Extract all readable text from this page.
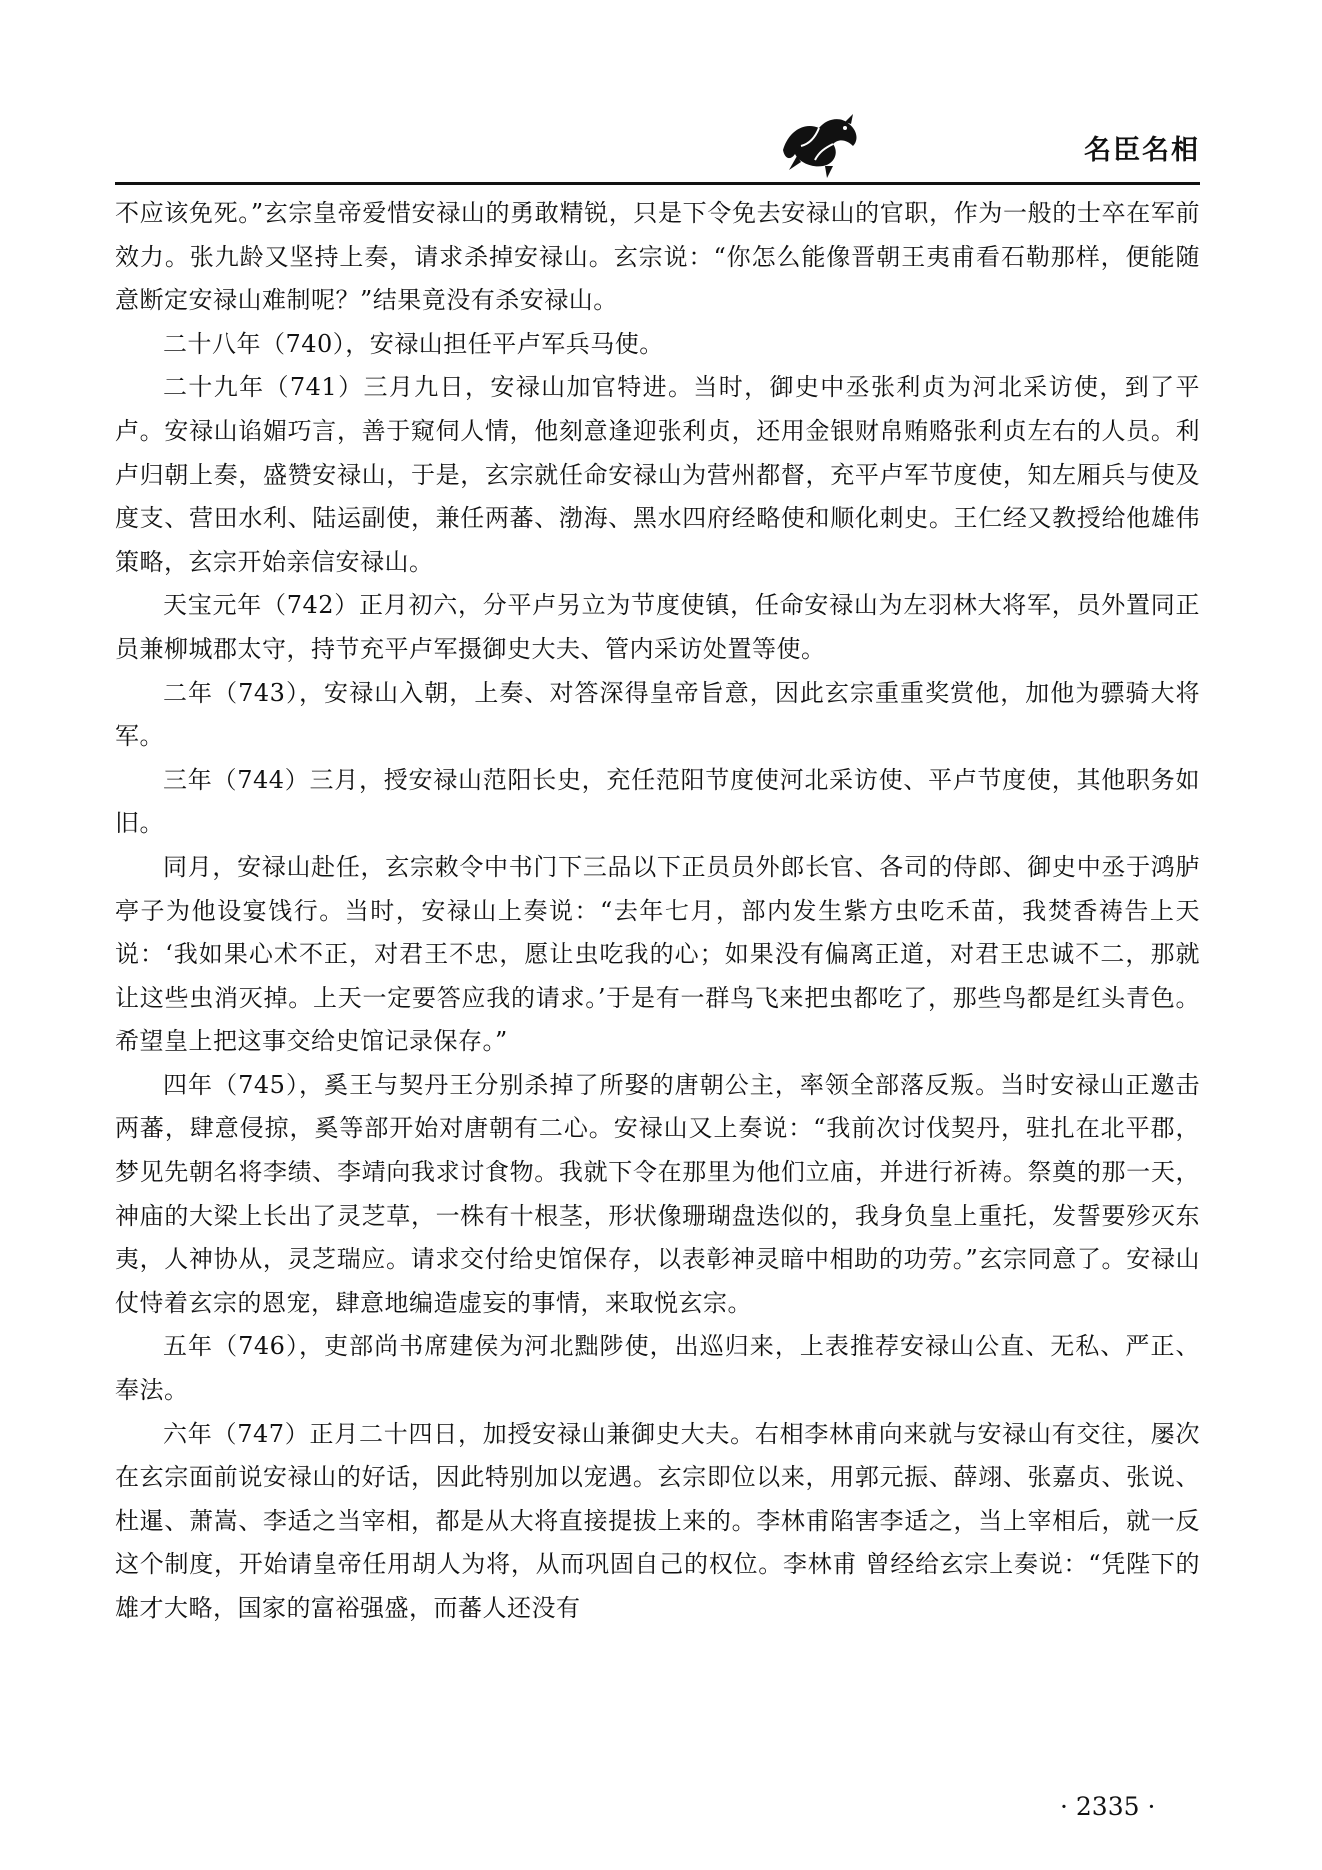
名臣名相

不应该免死。”玄宗皇帝爱惜安禄山的勇敢精锐，只是下令免去安禄山的官职，作为一般的士卒在军前效力。张九龄又坚持上奏，请求杀掉安禄山。玄宗说：“你怎么能像晋朝王夷甫看石勒那样，便能随意断定安禄山难制呢？”结果竟没有杀安禄山。

二十八年（740），安禄山担任平卢军兵马使。

二十九年（741）三月九日，安禄山加官特进。当时，御史中丞张利贞为河北采访使，到了平卢。安禄山谄媚巧言，善于窥伺人情，他刻意逢迎张利贞，还用金银财帛贿赂张利贞左右的人员。利卢归朝上奏，盛赞安禄山，于是，玄宗就任命安禄山为营州都督，充平卢军节度使，知左厢兵与使及度支、营田水利、陆运副使，兼任两蕃、渤海、黑水四府经略使和顺化刺史。王仁经又教授给他雄伟策略，玄宗开始亲信安禄山。

天宝元年（742）正月初六，分平卢另立为节度使镇，任命安禄山为左羽林大将军，员外置同正员兼柳城郡太守，持节充平卢军摄御史大夫、管内采访处置等使。

二年（743），安禄山入朝，上奏、对答深得皇帝旨意，因此玄宗重重奖赏他，加他为骠骑大将军。

三年（744）三月，授安禄山范阳长史，充任范阳节度使河北采访使、平卢节度使，其他职务如旧。

同月，安禄山赴任，玄宗敕令中书门下三品以下正员员外郎长官、各司的侍郎、御史中丞于鸿胪亭子为他设宴饯行。当时，安禄山上奏说：“去年七月，部内发生紫方虫吃禾苗，我焚香祷告上天说：‘我如果心术不正，对君王不忠，愿让虫吃我的心；如果没有偏离正道，对君王忠诚不二，那就让这些虫消灭掉。上天一定要答应我的请求。’于是有一群鸟飞来把虫都吃了，那些鸟都是红头青色。希望皇上把这事交给史馆记录保存。”

四年（745），奚王与契丹王分别杀掉了所娶的唐朝公主，率领全部落反叛。当时安禄山正邀击两蕃，肆意侵掠，奚等部开始对唐朝有二心。安禄山又上奏说：“我前次讨伐契丹，驻扎在北平郡，梦见先朝名将李绩、李靖向我求讨食物。我就下令在那里为他们立庙，并进行祈祷。祭奠的那一天，神庙的大梁上长出了灵芝草，一株有十根茎，形状像珊瑚盘迭似的，我身负皇上重托，发誓要殄灭东夷，人神协从，灵芝瑞应。请求交付给史馆保存，以表彰神灵暗中相助的功劳。”玄宗同意了。安禄山仗恃着玄宗的恩宠，肆意地编造虚妄的事情，来取悦玄宗。

五年（746），吏部尚书席建侯为河北黜陟使，出巡归来，上表推荐安禄山公直、无私、严正、奉法。

六年（747）正月二十四日，加授安禄山兼御史大夫。右相李林甫向来就与安禄山有交往，屡次在玄宗面前说安禄山的好话，因此特别加以宠遇。玄宗即位以来，用郭元振、薛翊、张嘉贞、张说、杜暹、萧嵩、李适之当宰相，都是从大将直接提拔上来的。李林甫陷害李适之，当上宰相后，就一反这个制度，开始请皇帝任用胡人为将，从而巩固自己的权位。李林甫 曾经给玄宗上奏说：“凭陛下的雄才大略，国家的富裕强盛，而蕃人还没有

· 2335 ·
